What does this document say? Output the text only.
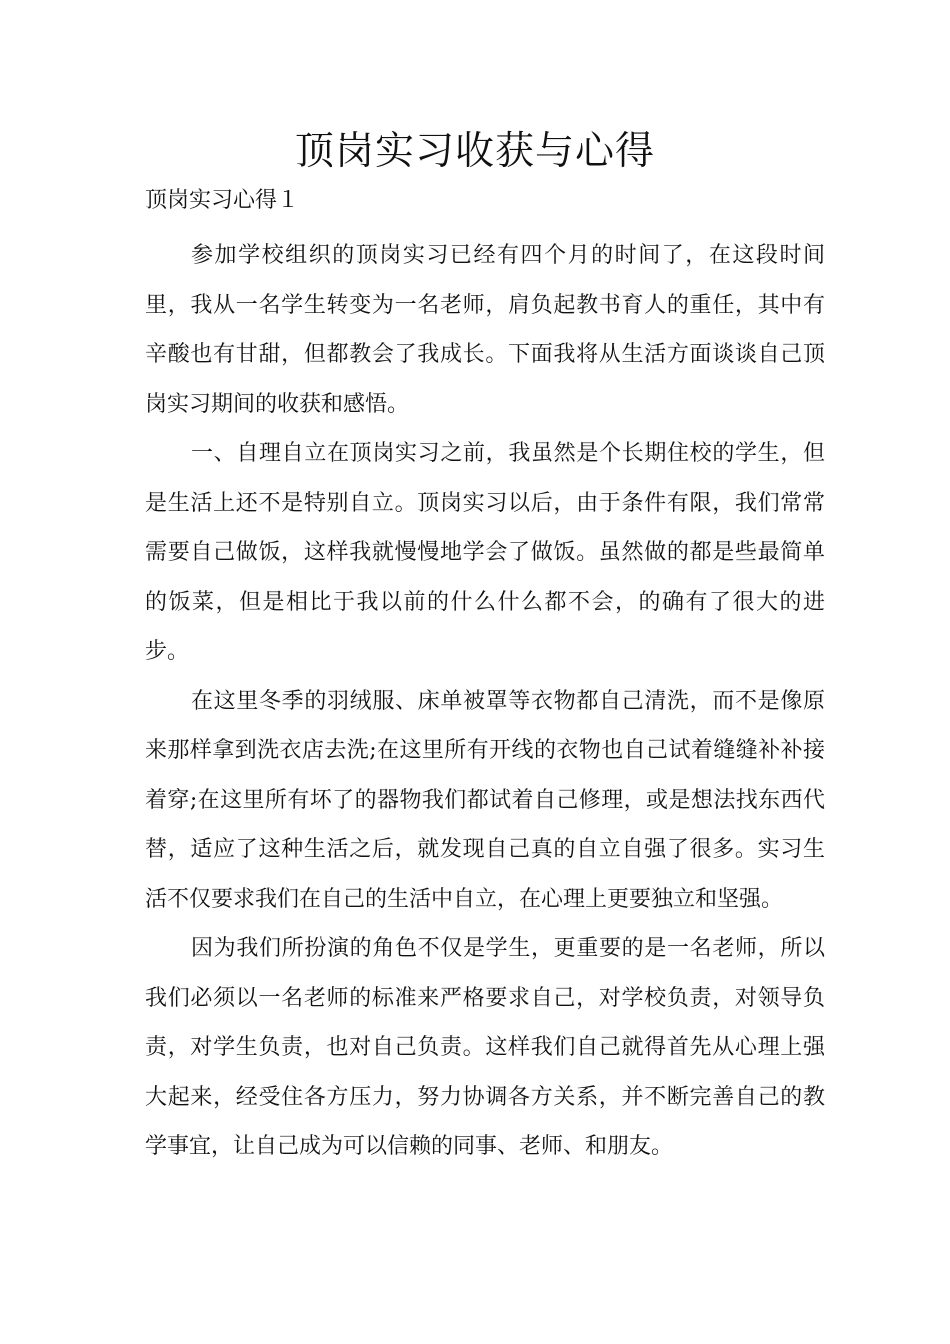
顶岗实习收获与心得

顶岗实习心得１

参加学校组织的顶岗实习已经有四个月的时间了，在这段时间里，我从一名学生转变为一名老师，肩负起教书育人的重任，其中有辛酸也有甘甜，但都教会了我成长。下面我将从生活方面谈谈自己顶岗实习期间的收获和感悟。

一、自理自立在顶岗实习之前，我虽然是个长期住校的学生，但是生活上还不是特别自立。顶岗实习以后，由于条件有限，我们常常需要自己做饭，这样我就慢慢地学会了做饭。虽然做的都是些最简单的饭菜，但是相比于我以前的什么什么都不会，的确有了很大的进步。

在这里冬季的羽绒服、床单被罩等衣物都自己清洗，而不是像原来那样拿到洗衣店去洗;在这里所有开线的衣物也自己试着缝缝补补接着穿;在这里所有坏了的器物我们都试着自己修理，或是想法找东西代替，适应了这种生活之后，就发现自己真的自立自强了很多。实习生活不仅要求我们在自己的生活中自立，在心理上更要独立和坚强。

因为我们所扮演的角色不仅是学生，更重要的是一名老师，所以我们必须以一名老师的标准来严格要求自己，对学校负责，对领导负责，对学生负责，也对自己负责。这样我们自己就得首先从心理上强大起来，经受住各方压力，努力协调各方关系，并不断完善自己的教学事宜，让自己成为可以信赖的同事、老师、和朋友。
